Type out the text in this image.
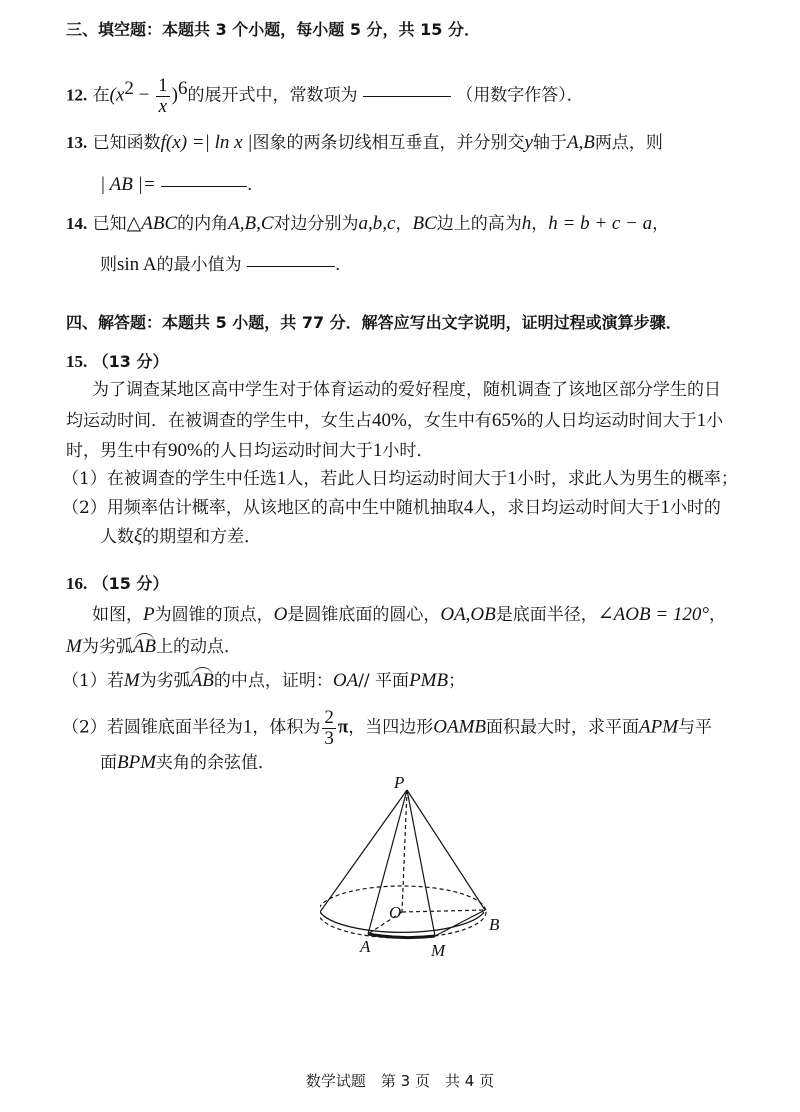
三、填空题：本题共 3 个小题，每小题 5 分，共 15 分．
12. 在$(x^2 - \frac{1}{x} )^6$的展开式中，常数项为	（用数字作答）．
13. 已知函数f(x) =| ln x |图象的两条切线相互垂直，并分别交y轴于A,B两点，则
| AB |=	.
14. 已知△ABC的内角A,B,C对边分别为a,b,c，BC边上的高为h，h = b + c − a，
则sin A的最小值为	.
四、解答题：本题共 5 小题，共 77 分．解答应写出文字说明，证明过程或演算步骤．
15. （13 分）
为了调查某地区高中学生对于体育运动的爱好程度，随机调查了该地区部分学生的日
均运动时间．在被调查的学生中，女生占40%，女生中有65%的人日均运动时间大于1小
时，男生中有90%的人日均运动时间大于1小时．
（1）在被调查的学生中任选1人，若此人日均运动时间大于1小时，求此人为男生的概率；
（2）用频率估计概率，从该地区的高中生中随机抽取4人，求日均运动时间大于1小时的
人数ξ的期望和方差．
16. （15 分）
如图，P为圆锥的顶点，O是圆锥底面的圆心，OA,OB是底面半径，∠AOB = 120°，
M为劣弧AB上的动点．
（1）若M为劣弧AB的中点，证明：OA// 平面PMB；
（2）若圆锥底面半径为1，体积为 $\frac{2}{3}$ π，当四边形OAMB面积最大时，求平面APM与平
面BPM夹角的余弦值．
P
O
A
B
M
数学试题　第 3 页　共 4 页
